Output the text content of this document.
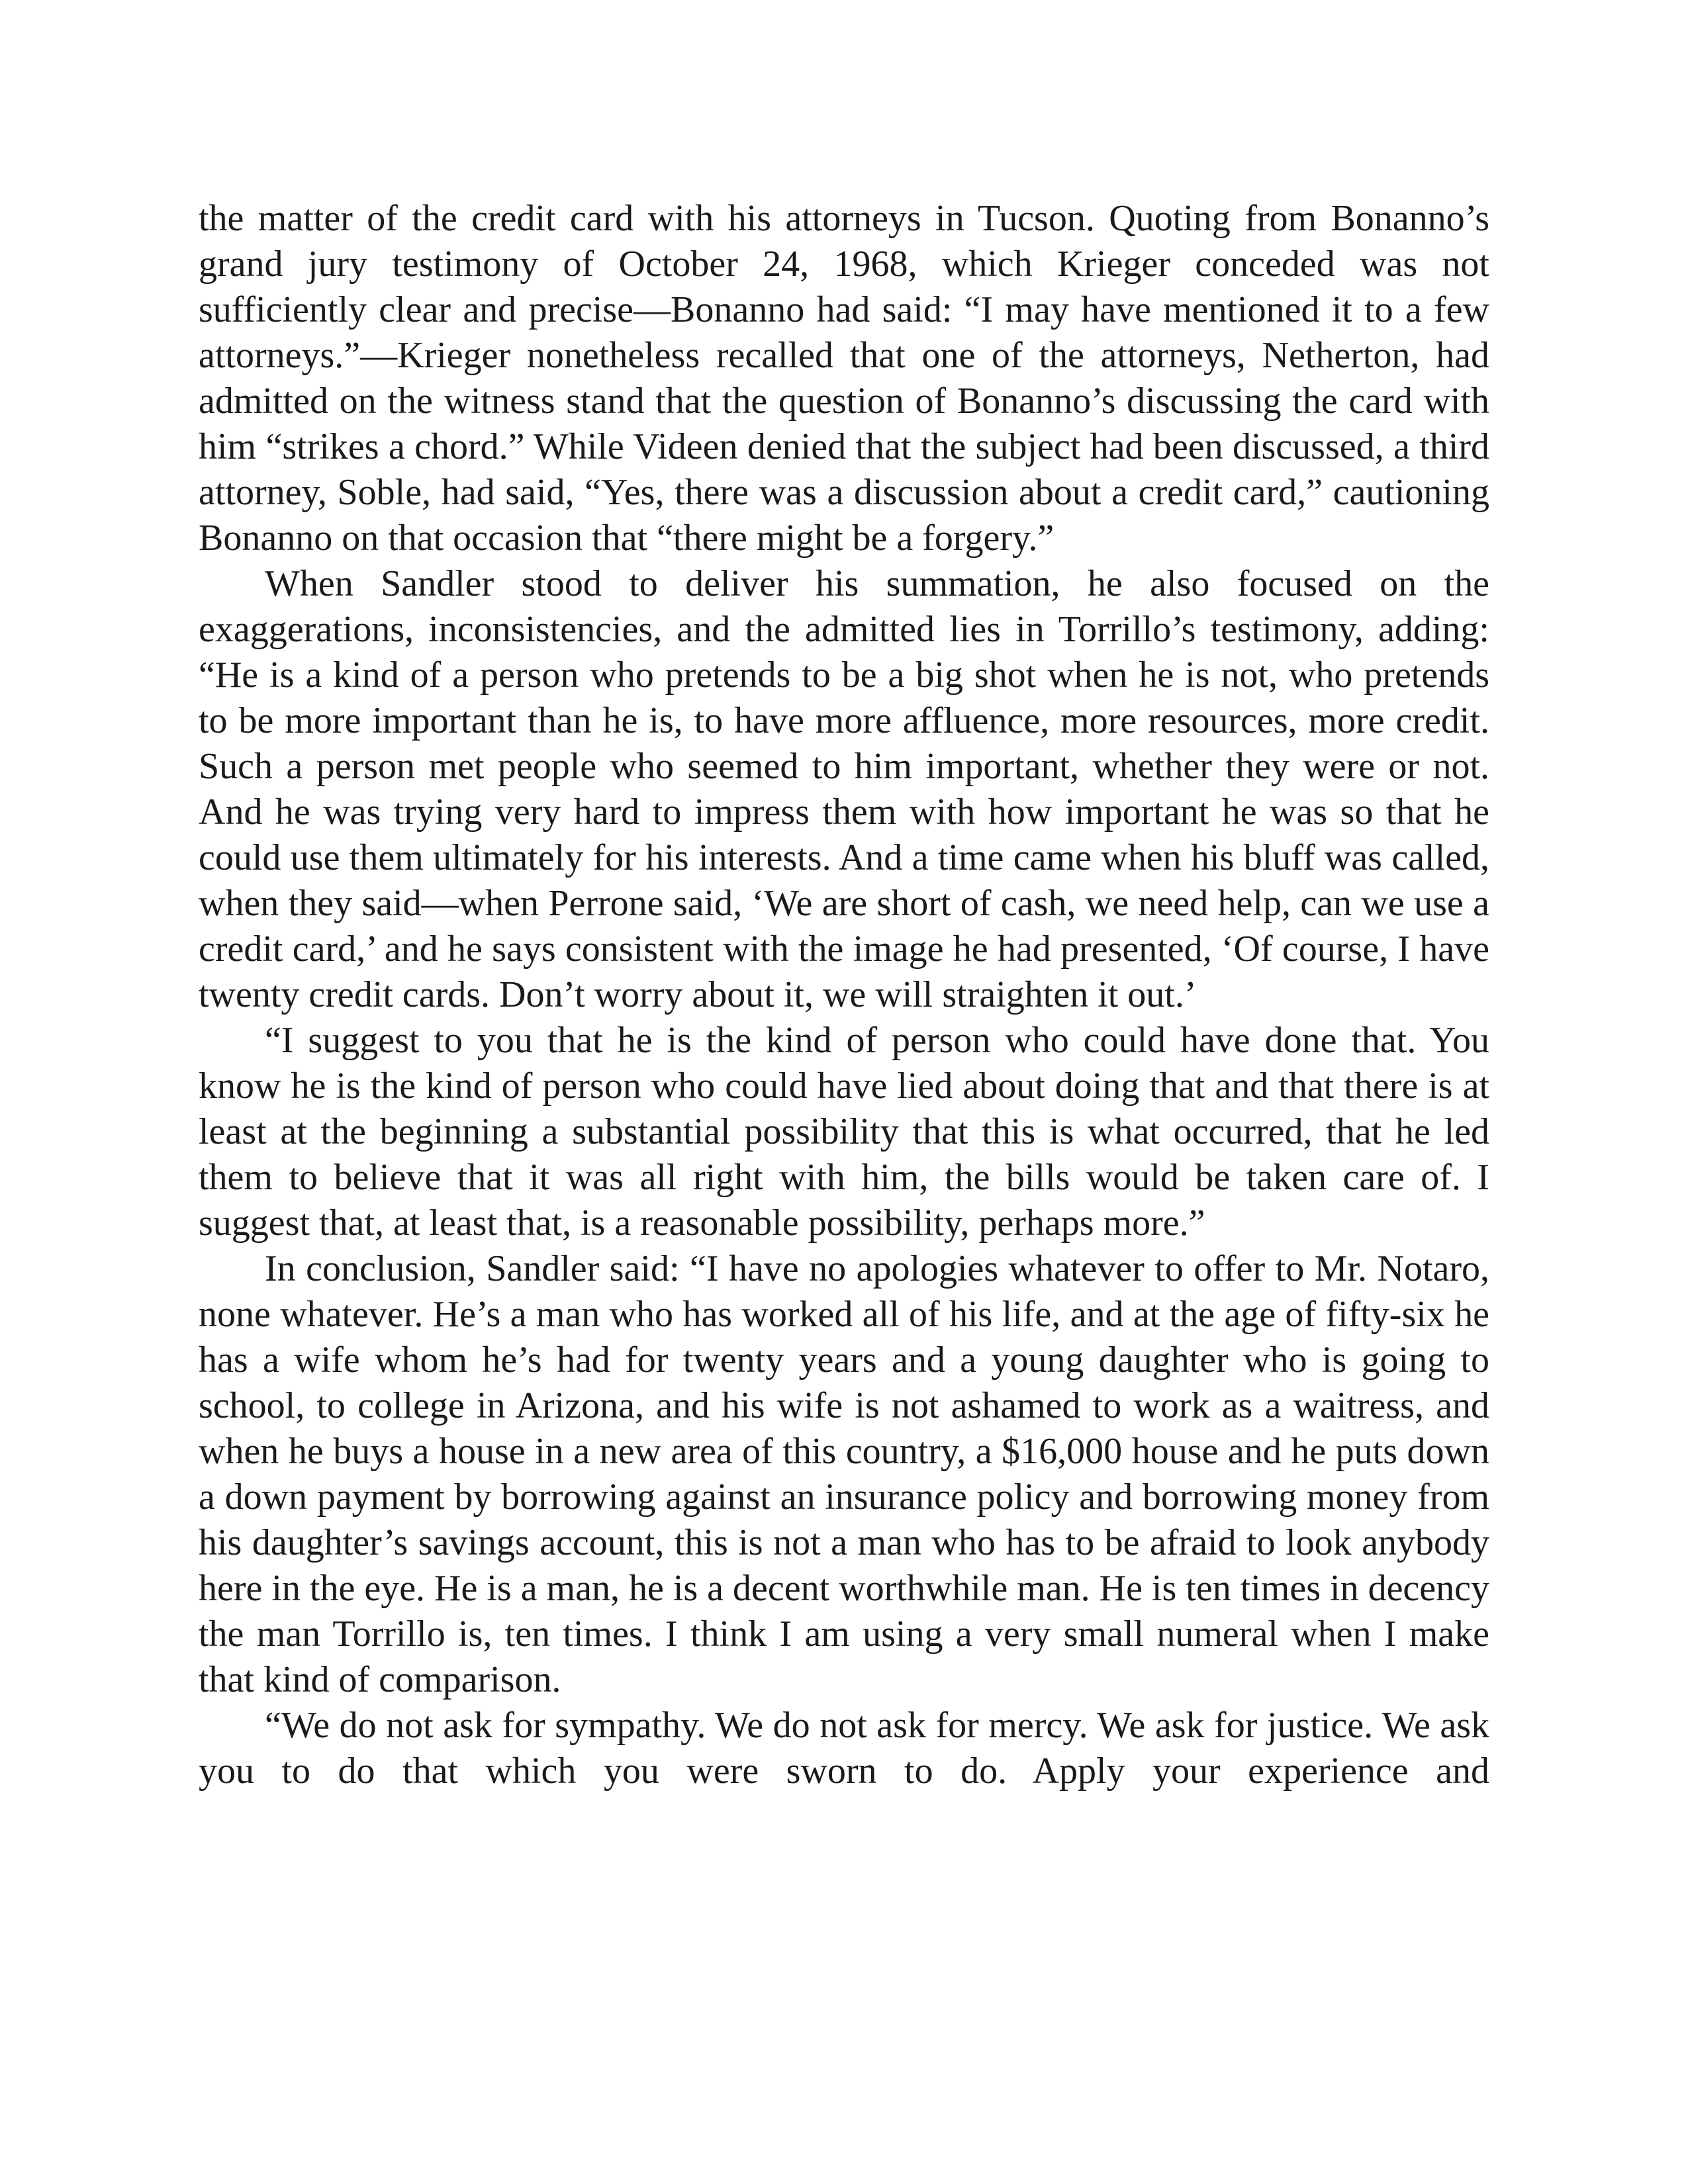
the matter of the credit card with his attorneys in Tucson. Quoting from Bonanno’s grand jury testimony of October 24, 1968, which Krieger conceded was not sufficiently clear and precise—Bonanno had said: “I may have mentioned it to a few attorneys.”—Krieger nonetheless recalled that one of the attorneys, Netherton, had admitted on the witness stand that the question of Bonanno’s discussing the card with him “strikes a chord.” While Videen denied that the subject had been discussed, a third attorney, Soble, had said, “Yes, there was a discussion about a credit card,” cautioning Bonanno on that occasion that “there might be a forgery.”

When Sandler stood to deliver his summation, he also focused on the exaggerations, inconsistencies, and the admitted lies in Torrillo’s testimony, adding: “He is a kind of a person who pretends to be a big shot when he is not, who pretends to be more important than he is, to have more affluence, more resources, more credit. Such a person met people who seemed to him important, whether they were or not. And he was trying very hard to impress them with how important he was so that he could use them ultimately for his interests. And a time came when his bluff was called, when they said—when Perrone said, ‘We are short of cash, we need help, can we use a credit card,’ and he says consistent with the image he had presented, ‘Of course, I have twenty credit cards. Don’t worry about it, we will straighten it out.’

“I suggest to you that he is the kind of person who could have done that. You know he is the kind of person who could have lied about doing that and that there is at least at the beginning a substantial possibility that this is what occurred, that he led them to believe that it was all right with him, the bills would be taken care of. I suggest that, at least that, is a reasonable possibility, perhaps more.”

In conclusion, Sandler said: “I have no apologies whatever to offer to Mr. Notaro, none whatever. He’s a man who has worked all of his life, and at the age of fifty-six he has a wife whom he’s had for twenty years and a young daughter who is going to school, to college in Arizona, and his wife is not ashamed to work as a waitress, and when he buys a house in a new area of this country, a $16,000 house and he puts down a down payment by borrowing against an insurance policy and borrowing money from his daughter’s savings account, this is not a man who has to be afraid to look anybody here in the eye. He is a man, he is a decent worthwhile man. He is ten times in decency the man Torrillo is, ten times. I think I am using a very small numeral when I make that kind of comparison.

“We do not ask for sympathy. We do not ask for mercy. We ask for justice. We ask you to do that which you were sworn to do. Apply your experience and
